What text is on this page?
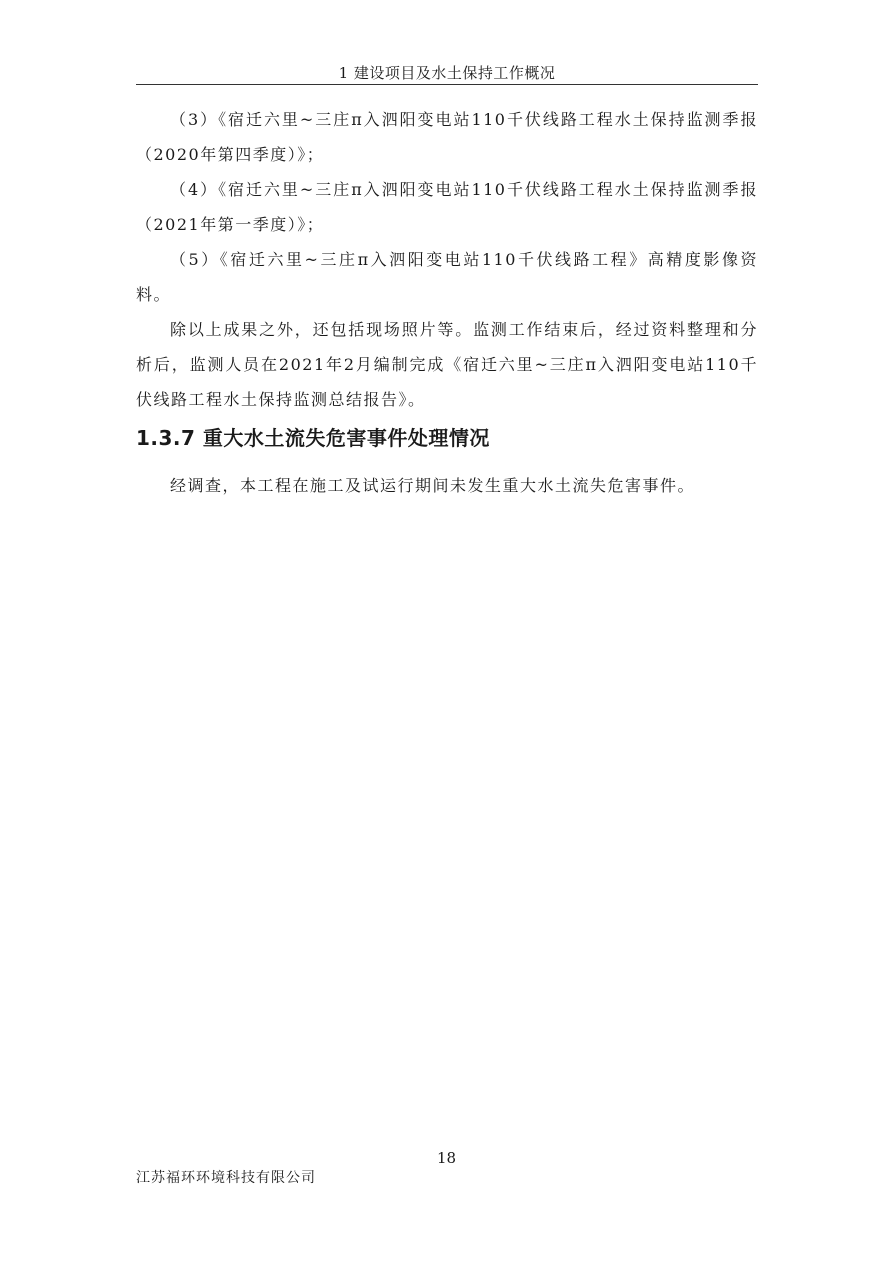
1 建设项目及水土保持工作概况

（3）《宿迁六里~三庄π入泗阳变电站110千伏线路工程水土保持监测季报（2020年第四季度）》；

（4）《宿迁六里~三庄π入泗阳变电站110千伏线路工程水土保持监测季报（2021年第一季度）》；

（5）《宿迁六里~三庄π入泗阳变电站110千伏线路工程》高精度影像资料。

除以上成果之外，还包括现场照片等。监测工作结束后，经过资料整理和分析后，监测人员在2021年2月编制完成《宿迁六里~三庄π入泗阳变电站110千伏线路工程水土保持监测总结报告》。

1.3.7 重大水土流失危害事件处理情况

经调查，本工程在施工及试运行期间未发生重大水土流失危害事件。

18
江苏福环环境科技有限公司
